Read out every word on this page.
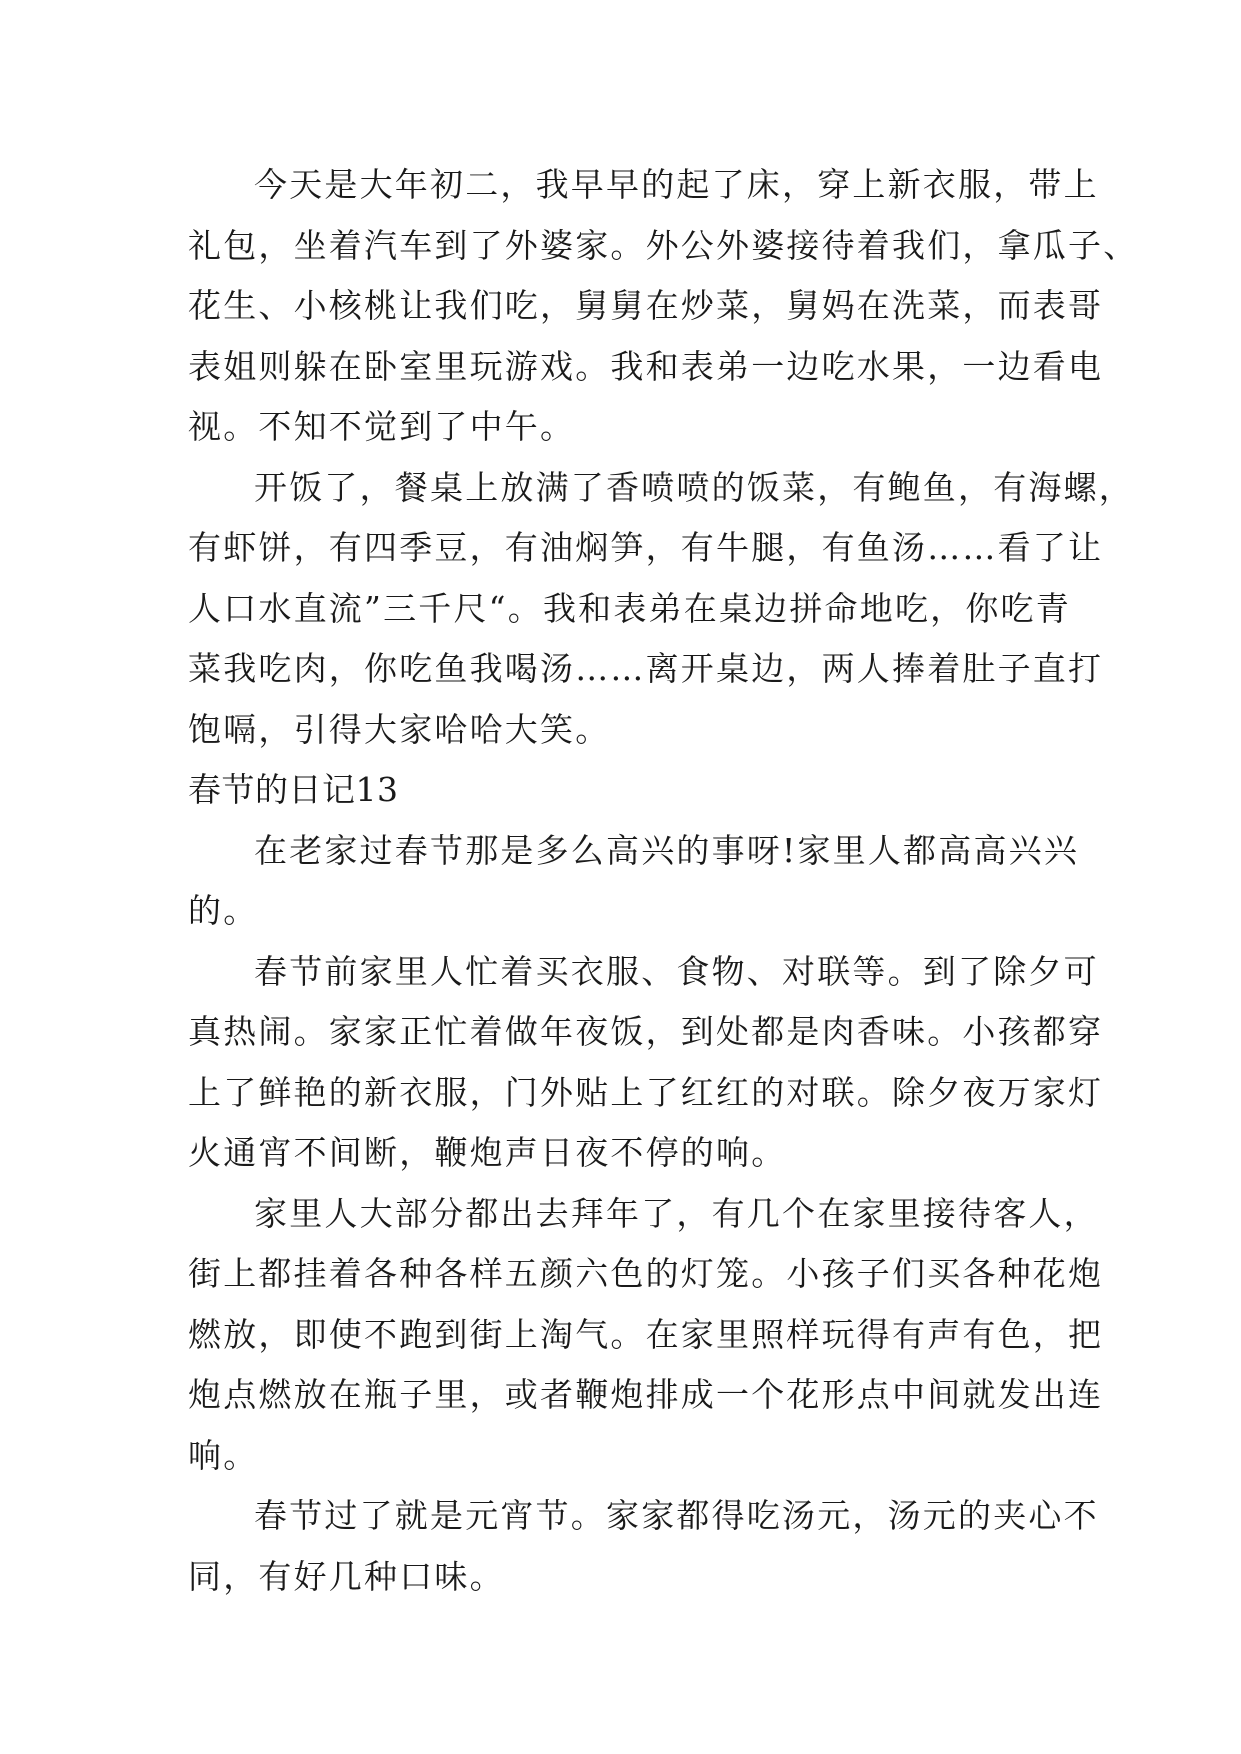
今天是大年初二，我早早的起了床，穿上新衣服，带上
礼包，坐着汽车到了外婆家。外公外婆接待着我们，拿瓜子、
花生、小核桃让我们吃，舅舅在炒菜，舅妈在洗菜，而表哥
表姐则躲在卧室里玩游戏。我和表弟一边吃水果，一边看电
视。不知不觉到了中午。
开饭了，餐桌上放满了香喷喷的饭菜，有鲍鱼，有海螺，
有虾饼，有四季豆，有油焖笋，有牛腿，有鱼汤……看了让
人口水直流”三千尺“。我和表弟在桌边拼命地吃，你吃青
菜我吃肉，你吃鱼我喝汤……离开桌边，两人捧着肚子直打
饱嗝，引得大家哈哈大笑。
春节的日记13
在老家过春节那是多么高兴的事呀!家里人都高高兴兴
的。
春节前家里人忙着买衣服、食物、对联等。到了除夕可
真热闹。家家正忙着做年夜饭，到处都是肉香味。小孩都穿
上了鲜艳的新衣服，门外贴上了红红的对联。除夕夜万家灯
火通宵不间断，鞭炮声日夜不停的响。
家里人大部分都出去拜年了，有几个在家里接待客人，
街上都挂着各种各样五颜六色的灯笼。小孩子们买各种花炮
燃放，即使不跑到街上淘气。在家里照样玩得有声有色，把
炮点燃放在瓶子里，或者鞭炮排成一个花形点中间就发出连
响。
春节过了就是元宵节。家家都得吃汤元，汤元的夹心不
同，有好几种口味。
